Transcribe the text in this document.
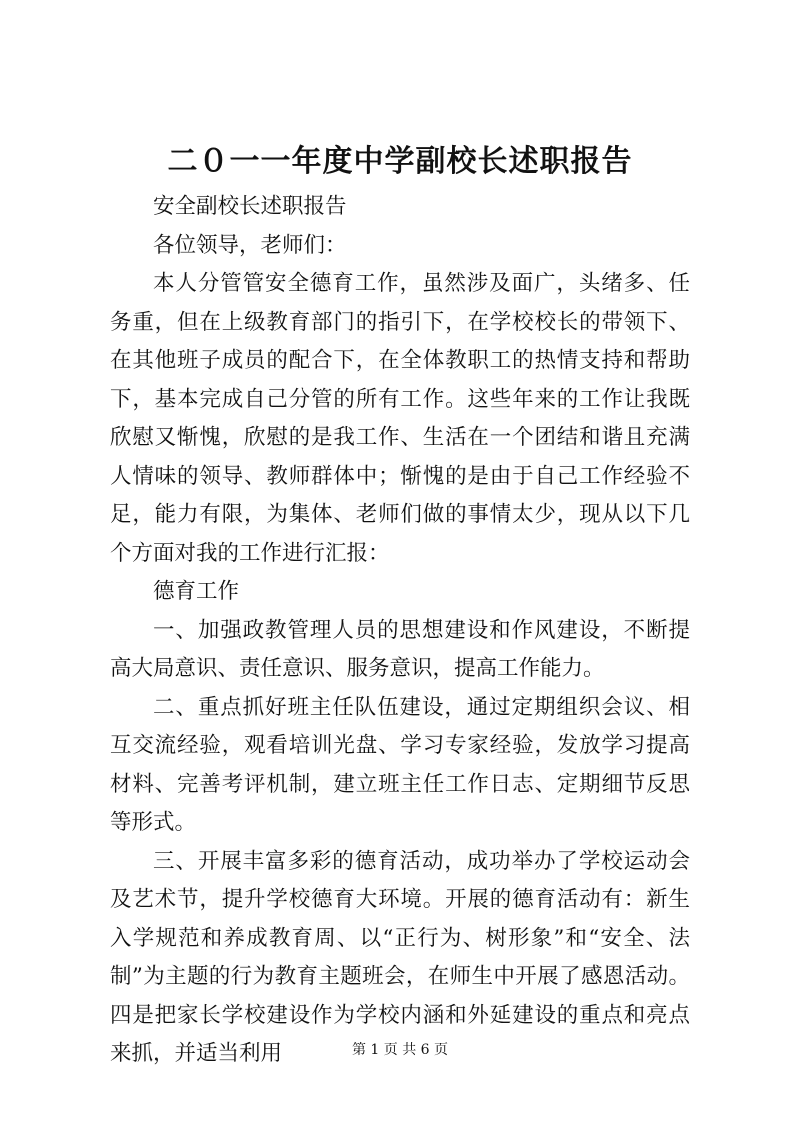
二０一一年度中学副校长述职报告

安全副校长述职报告

各位领导，老师们：

本人分管管安全德育工作，虽然涉及面广，头绪多、任务重，但在上级教育部门的指引下，在学校校长的带领下、在其他班子成员的配合下，在全体教职工的热情支持和帮助下，基本完成自己分管的所有工作。这些年来的工作让我既欣慰又惭愧，欣慰的是我工作、生活在一个团结和谐且充满人情味的领导、教师群体中；惭愧的是由于自己工作经验不足，能力有限，为集体、老师们做的事情太少，现从以下几个方面对我的工作进行汇报：

德育工作

一、加强政教管理人员的思想建设和作风建设，不断提高大局意识、责任意识、服务意识，提高工作能力。

二、重点抓好班主任队伍建设，通过定期组织会议、相互交流经验，观看培训光盘、学习专家经验，发放学习提高材料、完善考评机制，建立班主任工作日志、定期细节反思等形式。

三、开展丰富多彩的德育活动，成功举办了学校运动会及艺术节，提升学校德育大环境。开展的德育活动有：新生入学规范和养成教育周、以“正行为、树形象”和“安全、法制”为主题的行为教育主题班会，在师生中开展了感恩活动。四是把家长学校建设作为学校内涵和外延建设的重点和亮点来抓，并适当利用	第 1 页 共 6 页
